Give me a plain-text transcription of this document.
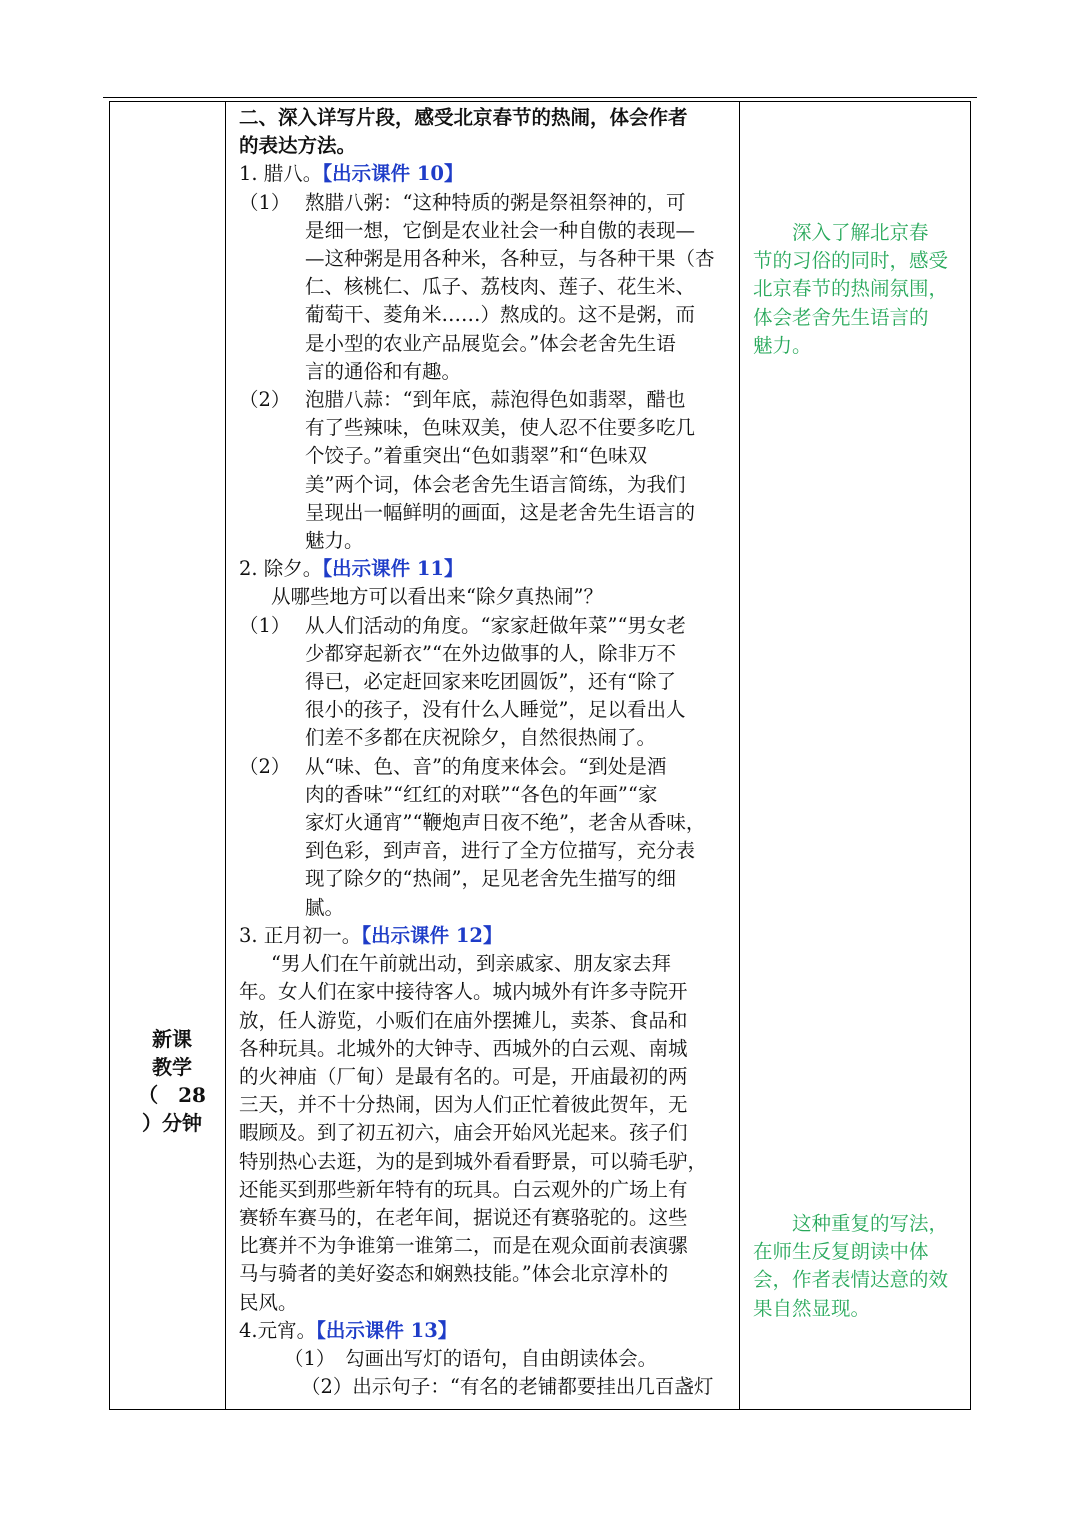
新课
教学
（　28
）分钟

二、深入详写片段，感受北京春节的热闹，体会作者

的表达方法。

1. 腊八。【出示课件 10】

（1） 熬腊八粥：“这种特质的粥是祭祖祭神的，可

是细一想，它倒是农业社会一种自傲的表现—

—这种粥是用各种米，各种豆，与各种干果（杏

仁、核桃仁、瓜子、荔枝肉、莲子、花生米、

葡萄干、菱角米……）熬成的。这不是粥，而

是小型的农业产品展览会。”体会老舍先生语

言的通俗和有趣。

（2） 泡腊八蒜：“到年底，蒜泡得色如翡翠，醋也

有了些辣味，色味双美，使人忍不住要多吃几

个饺子。”着重突出“色如翡翠”和“色味双

美”两个词，体会老舍先生语言简练，为我们

呈现出一幅鲜明的画面，这是老舍先生语言的

魅力。

2. 除夕。【出示课件 11】

从哪些地方可以看出来“除夕真热闹”？

（1） 从人们活动的角度。“家家赶做年菜”“男女老

少都穿起新衣”“在外边做事的人，除非万不

得已，必定赶回家来吃团圆饭”，还有“除了

很小的孩子，没有什么人睡觉”，足以看出人

们差不多都在庆祝除夕，自然很热闹了。

（2） 从“味、色、音”的角度来体会。“到处是酒

肉的香味”“红红的对联”“各色的年画”“家

家灯火通宵”“鞭炮声日夜不绝”，老舍从香味，

到色彩，到声音，进行了全方位描写，充分表

现了除夕的“热闹”，足见老舍先生描写的细

腻。

3. 正月初一。【出示课件 12】

“男人们在午前就出动，到亲戚家、朋友家去拜

年。女人们在家中接待客人。城内城外有许多寺院开

放，任人游览，小贩们在庙外摆摊儿，卖茶、食品和

各种玩具。北城外的大钟寺、西城外的白云观、南城

的火神庙（厂甸）是最有名的。可是，开庙最初的两

三天，并不十分热闹，因为人们正忙着彼此贺年，无

暇顾及。到了初五初六，庙会开始风光起来。孩子们

特别热心去逛，为的是到城外看看野景，可以骑毛驴，

还能买到那些新年特有的玩具。白云观外的广场上有

赛轿车赛马的，在老年间，据说还有赛骆驼的。这些

比赛并不为争谁第一谁第二，而是在观众面前表演骡

马与骑者的美好姿态和娴熟技能。”体会北京淳朴的

民风。

4.元宵。【出示课件 13】

（1）　勾画出写灯的语句，自由朗读体会。

（2）出示句子：“有名的老铺都要挂出几百盏灯

　　深入了解北京春

节的习俗的同时，感受

北京春节的热闹氛围，

体会老舍先生语言的

魅力。

　　这种重复的写法，

在师生反复朗读中体

会，作者表情达意的效

果自然显现。
